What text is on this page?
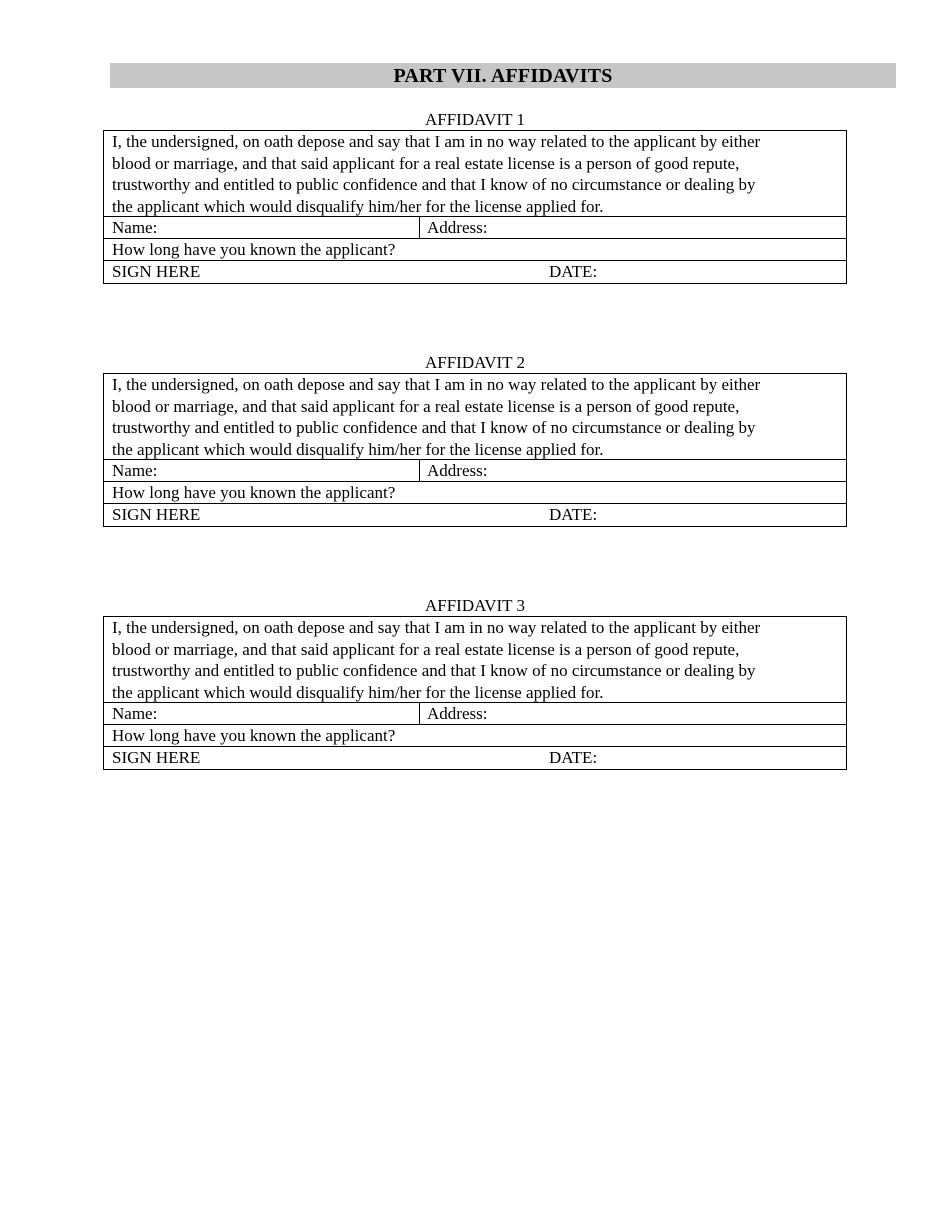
PART VII. AFFIDAVITS
AFFIDAVIT 1
I, the undersigned, on oath depose and say that I am in no way related to the applicant by either
blood or marriage, and that said applicant for a real estate license is a person of good repute,
trustworthy and entitled to public confidence and that I know of no circumstance or dealing by
the applicant which would disqualify him/her for the license applied for.
Name:	Address:
How long have you known the applicant?
SIGN HERE	DATE:
AFFIDAVIT 2
I, the undersigned, on oath depose and say that I am in no way related to the applicant by either
blood or marriage, and that said applicant for a real estate license is a person of good repute,
trustworthy and entitled to public confidence and that I know of no circumstance or dealing by
the applicant which would disqualify him/her for the license applied for.
Name:	Address:
How long have you known the applicant?
SIGN HERE	DATE:
AFFIDAVIT 3
I, the undersigned, on oath depose and say that I am in no way related to the applicant by either
blood or marriage, and that said applicant for a real estate license is a person of good repute,
trustworthy and entitled to public confidence and that I know of no circumstance or dealing by
the applicant which would disqualify him/her for the license applied for.
Name:	Address:
How long have you known the applicant?
SIGN HERE	DATE:
